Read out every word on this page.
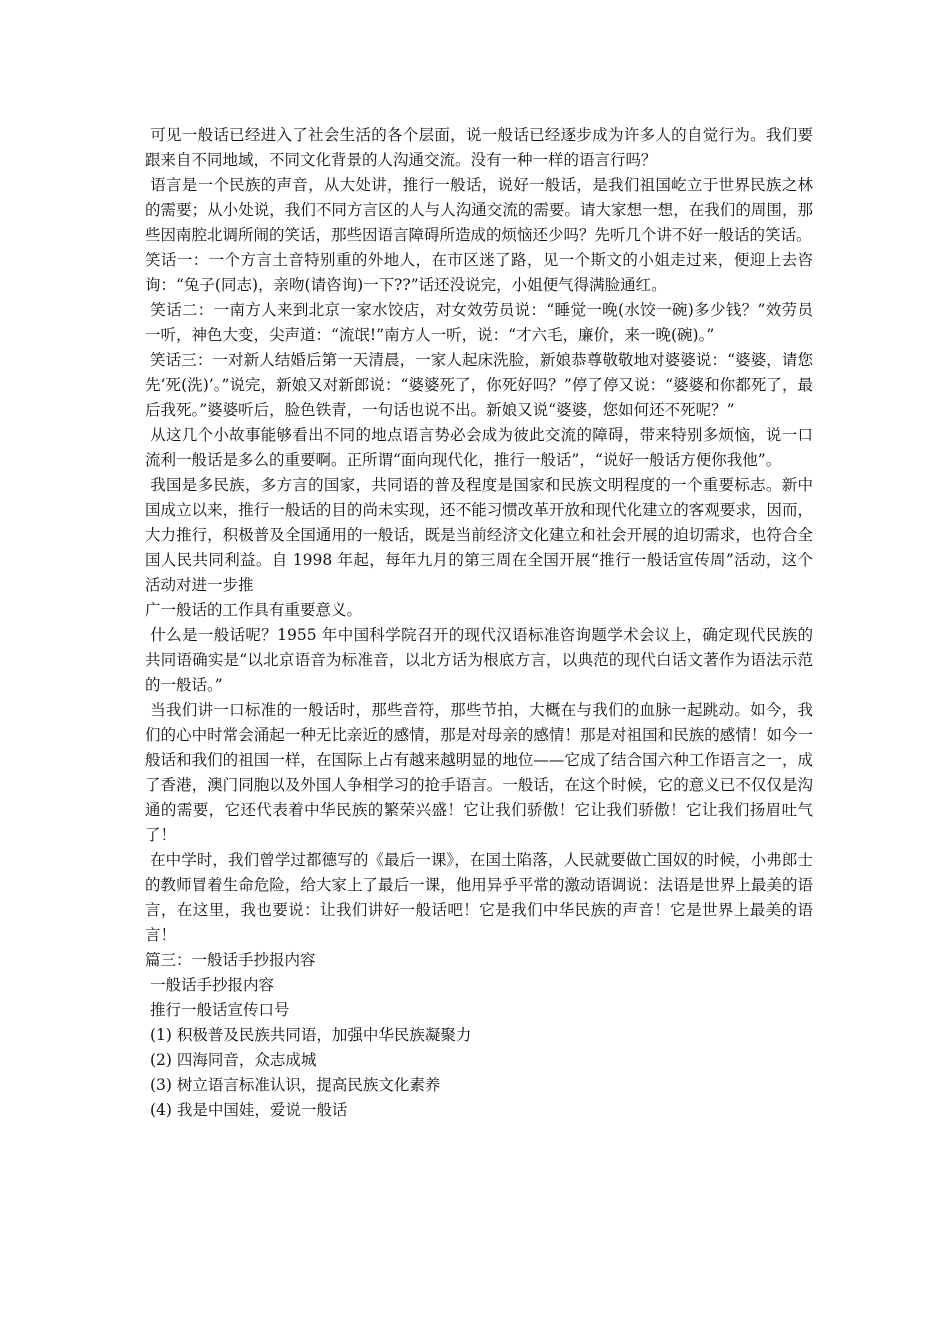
可见一般话已经进入了社会生活的各个层面，说一般话已经逐步成为许多人的自觉行为。我们要跟来自不同地域，不同文化背景的人沟通交流。没有一种一样的语言行吗？

语言是一个民族的声音，从大处讲，推行一般话，说好一般话，是我们祖国屹立于世界民族之林的需要；从小处说，我们不同方言区的人与人沟通交流的需要。请大家想一想，在我们的周围，那些因南腔北调所闹的笑话，那些因语言障碍所造成的烦恼还少吗？先听几个讲不好一般话的笑话。

笑话一：一个方言土音特别重的外地人，在市区迷了路，见一个斯文的小姐走过来，便迎上去咨询：“兔子(同志)，亲吻(请咨询)一下??”话还没说完，小姐便气得满脸通红。

笑话二：一南方人来到北京一家水饺店，对女效劳员说：“睡觉一晚(水饺一碗)多少钱？”效劳员一听，神色大变，尖声道：“流氓!”南方人一听，说：“才六毛，廉价，来一晚(碗)。”

笑话三：一对新人结婚后第一天清晨，一家人起床洗脸，新娘恭尊敬敬地对婆婆说：“婆婆，请您先‘死(洗)’。”说完，新娘又对新郎说：“婆婆死了，你死好吗？”停了停又说：“婆婆和你都死了，最后我死。”婆婆听后，脸色铁青，一句话也说不出。新娘又说“婆婆，您如何还不死呢？”

从这几个小故事能够看出不同的地点语言势必会成为彼此交流的障碍，带来特别多烦恼，说一口流利一般话是多么的重要啊。正所谓“面向现代化，推行一般话”，“说好一般话方便你我他”。

我国是多民族，多方言的国家，共同语的普及程度是国家和民族文明程度的一个重要标志。新中国成立以来，推行一般话的目的尚未实现，还不能习惯改革开放和现代化建立的客观要求，因而，大力推行，积极普及全国通用的一般话，既是当前经济文化建立和社会开展的迫切需求，也符合全国人民共同利益。自 1998 年起，每年九月的第三周在全国开展“推行一般话宣传周”活动，这个活动对进一步推

广一般话的工作具有重要意义。

什么是一般话呢？1955 年中国科学院召开的现代汉语标准咨询题学术会议上，确定现代民族的共同语确实是“以北京语音为标准音，以北方话为根底方言，以典范的现代白话文著作为语法示范的一般话。”

当我们讲一口标准的一般话时，那些音符，那些节拍，大概在与我们的血脉一起跳动。如今，我们的心中时常会涌起一种无比亲近的感情，那是对母亲的感情！那是对祖国和民族的感情！如今一般话和我们的祖国一样，在国际上占有越来越明显的地位——它成了结合国六种工作语言之一，成了香港，澳门同胞以及外国人争相学习的抢手语言。一般话，在这个时候，它的意义已不仅仅是沟通的需要，它还代表着中华民族的繁荣兴盛！它让我们骄傲！它让我们骄傲！它让我们扬眉吐气了！

在中学时，我们曾学过都德写的《最后一课》，在国土陷落，人民就要做亡国奴的时候，小弗郎士的教师冒着生命危险，给大家上了最后一课，他用异乎平常的激动语调说：法语是世界上最美的语言，在这里，我也要说：让我们讲好一般话吧！它是我们中华民族的声音！它是世界上最美的语言！

篇三：一般话手抄报内容

一般话手抄报内容

推行一般话宣传口号

(1) 积极普及民族共同语，加强中华民族凝聚力

(2) 四海同音，众志成城

(3) 树立语言标准认识，提高民族文化素养

(4) 我是中国娃，爱说一般话
